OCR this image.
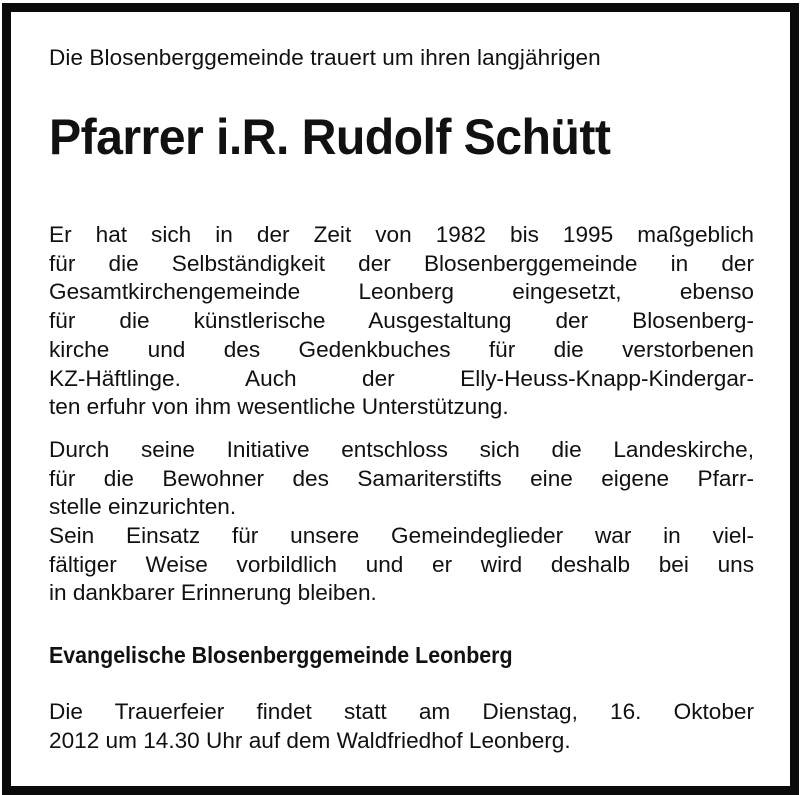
Die Blosenberggemeinde trauert um ihren langjährigen
Pfarrer i.R. Rudolf Schütt
Er hat sich in der Zeit von 1982 bis 1995 maßgeblich
für die Selbständigkeit der Blosenberggemeinde in der
Gesamtkirchengemeinde Leonberg eingesetzt, ebenso
für die künstlerische Ausgestaltung der Blosenberg-
kirche und des Gedenkbuches für die verstorbenen
KZ-Häftlinge. Auch der Elly-Heuss-Knapp-Kindergar-
ten erfuhr von ihm wesentliche Unterstützung.
Durch seine Initiative entschloss sich die Landeskirche,
für die Bewohner des Samariterstifts eine eigene Pfarr-
stelle einzurichten.
Sein Einsatz für unsere Gemeindeglieder war in viel-
fältiger Weise vorbildlich und er wird deshalb bei uns
in dankbarer Erinnerung bleiben.
Evangelische Blosenberggemeinde Leonberg
Die Trauerfeier findet statt am Dienstag, 16. Oktober
2012 um 14.30 Uhr auf dem Waldfriedhof Leonberg.
